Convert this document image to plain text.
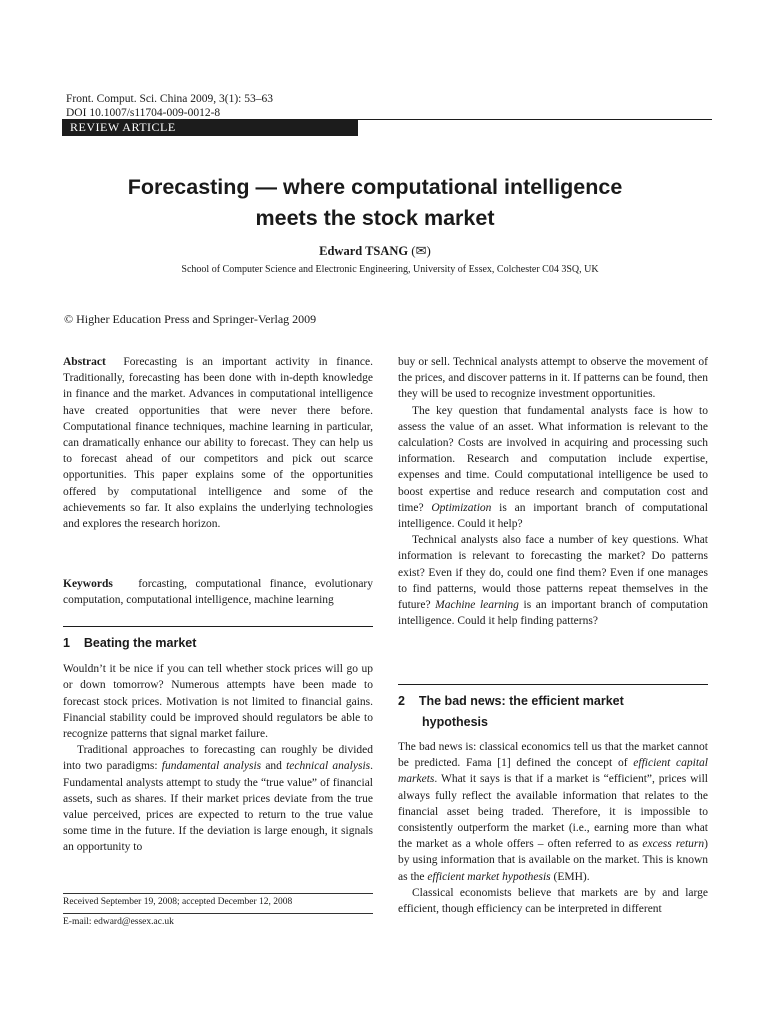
Front. Comput. Sci. China 2009, 3(1): 53–63
DOI 10.1007/s11704-009-0012-8
REVIEW ARTICLE
Forecasting — where computational intelligence
meets the stock market
Edward TSANG (✉)
School of Computer Science and Electronic Engineering, University of Essex, Colchester C04 3SQ, UK
© Higher Education Press and Springer-Verlag 2009

Abstract Forecasting is an important activity in finance. Traditionally, forecasting has been done with in-depth knowledge in finance and the market. Advances in computational intelligence have created opportunities that were never there before. Computational finance techniques, machine learning in particular, can dramatically enhance our ability to forecast. They can help us to forecast ahead of our competitors and pick out scarce opportunities. This paper explains some of the opportunities offered by computational intelligence and some of the achievements so far. It also explains the underlying technologies and explores the research horizon.

Keywords forcasting, computational finance, evolutionary computation, computational intelligence, machine learning

1 Beating the market

Wouldn’t it be nice if you can tell whether stock prices will go up or down tomorrow? Numerous attempts have been made to forecast stock prices. Motivation is not limited to financial gains. Financial stability could be improved should regulators be able to recognize patterns that signal market failure.

Traditional approaches to forecasting can roughly be divided into two paradigms: fundamental analysis and technical analysis. Fundamental analysts attempt to study the “true value” of financial assets, such as shares. If their market prices deviate from the true value perceived, prices are expected to return to the true value some time in the future. If the deviation is large enough, it signals an opportunity to

Received September 19, 2008; accepted December 12, 2008
E-mail: edward@essex.ac.uk

buy or sell. Technical analysts attempt to observe the movement of the prices, and discover patterns in it. If patterns can be found, then they will be used to recognize investment opportunities.

The key question that fundamental analysts face is how to assess the value of an asset. What information is relevant to the calculation? Costs are involved in acquiring and processing such information. Research and computation include expertise, expenses and time. Could computational intelligence be used to boost expertise and reduce research and computation cost and time? Optimization is an important branch of computational intelligence. Could it help?

Technical analysts also face a number of key questions. What information is relevant to forecasting the market? Do patterns exist? Even if they do, could one find them? Even if one manages to find patterns, would those patterns repeat themselves in the future? Machine learning is an important branch of computation intelligence. Could it help finding patterns?

2 The bad news: the efficient market
hypothesis

The bad news is: classical economics tell us that the market cannot be predicted. Fama [1] defined the concept of efficient capital markets. What it says is that if a market is “efficient”, prices will always fully reflect the available information that relates to the financial asset being traded. Therefore, it is impossible to consistently outperform the market (i.e., earning more than what the market as a whole offers – often referred to as excess return) by using information that is available on the market. This is known as the efficient market hypothesis (EMH).

Classical economists believe that markets are by and large efficient, though efficiency can be interpreted in different
